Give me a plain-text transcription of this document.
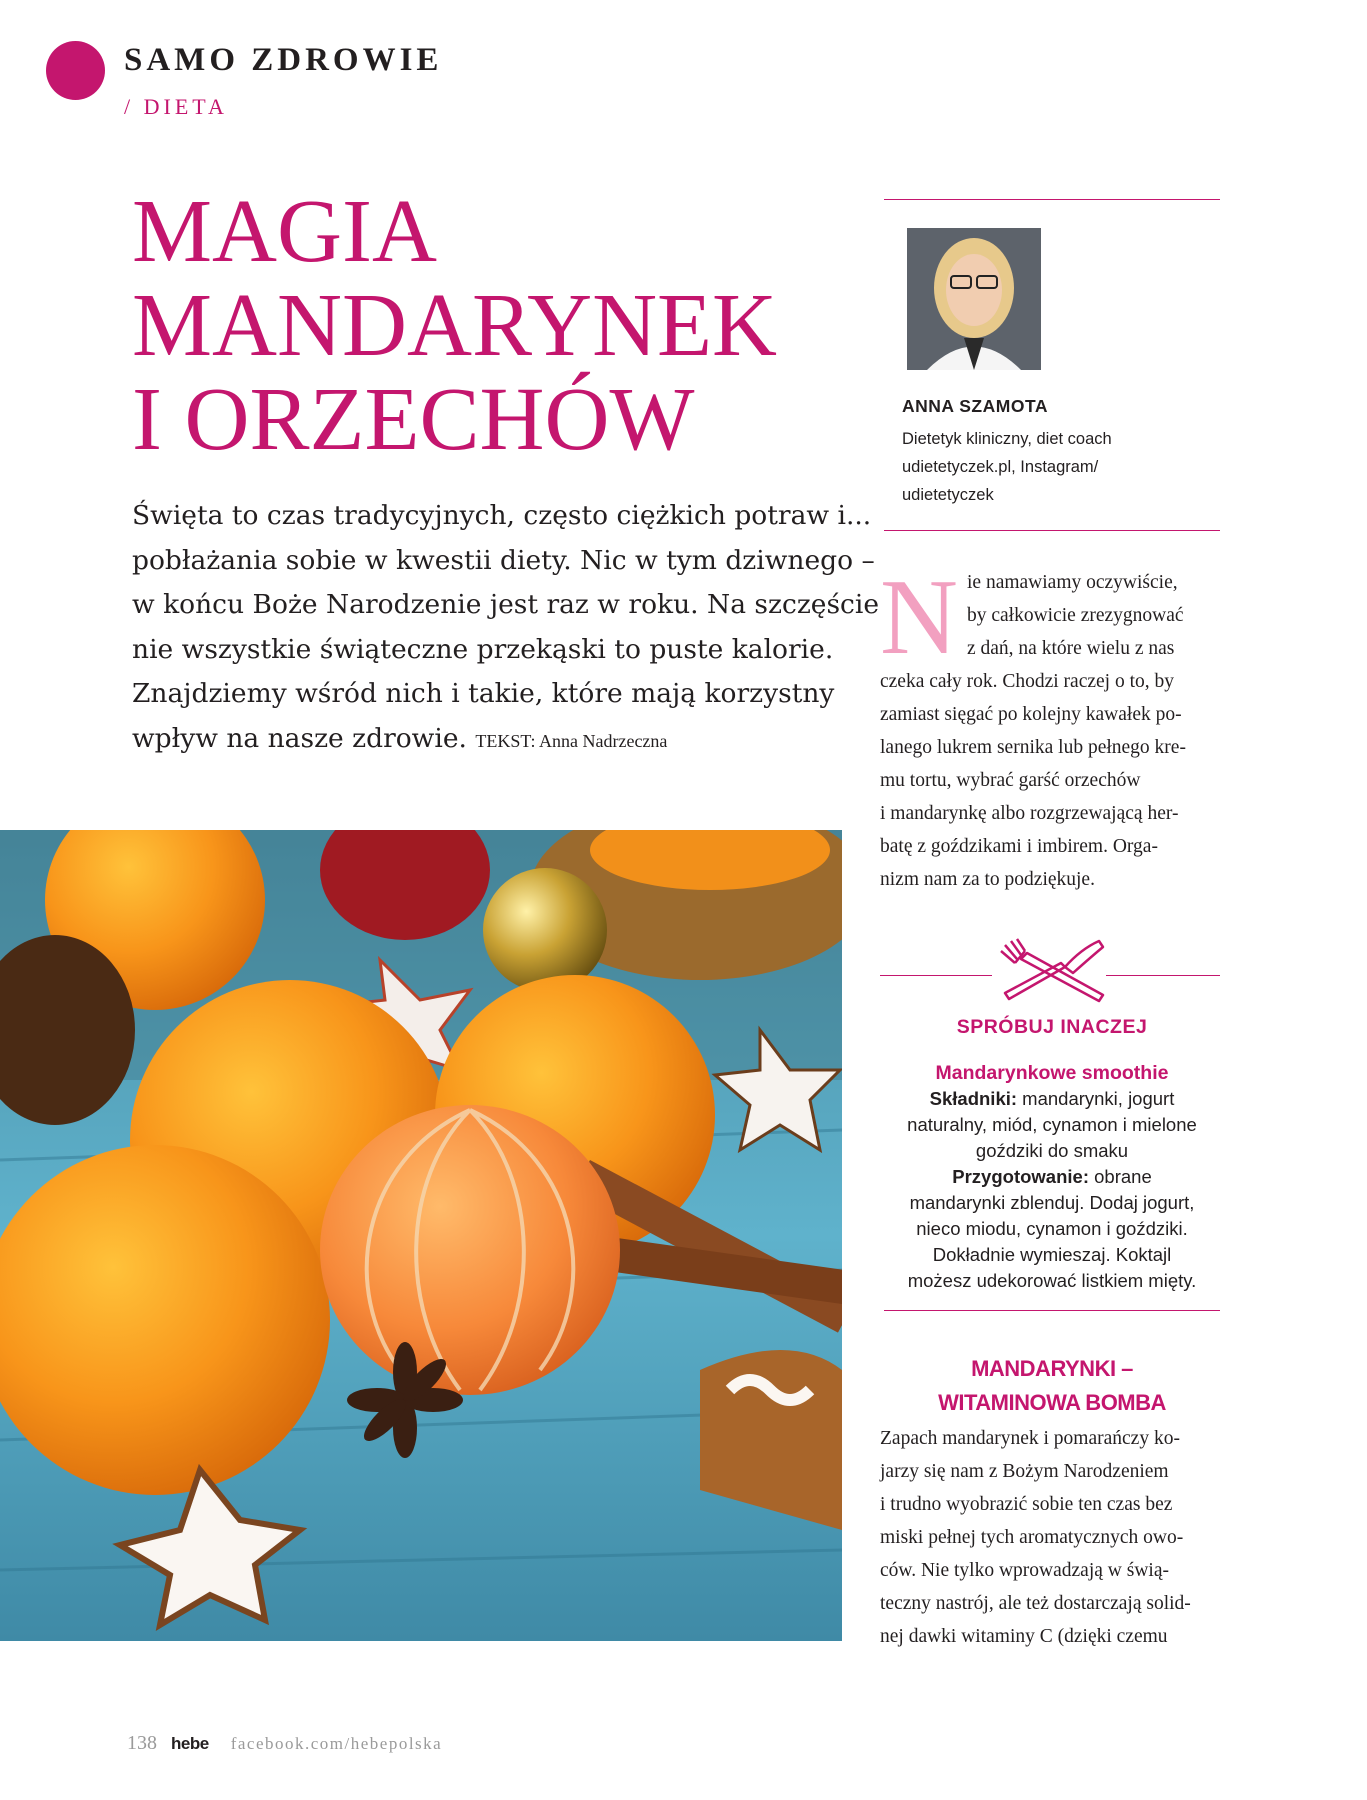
SAMO ZDROWIE
/ DIETA
MAGIA
MANDARYNEK
I ORZECHÓW
Święta to czas tradycyjnych, często ciężkich potraw i...
pobłażania sobie w kwestii diety. Nic w tym dziwnego –
w końcu Boże Narodzenie jest raz w roku. Na szczęście
nie wszystkie świąteczne przekąski to puste kalorie.
Znajdziemy wśród nich i takie, które mają korzystny
wpływ na nasze zdrowie. TEKST: Anna Nadrzeczna
ANNA SZAMOTA
Dietetyk kliniczny, diet coach
udietetyczek.pl, Instagram/
udietetyczek
N ie namawiamy oczywiście,
by całkowicie zrezygnować
z dań, na które wielu z nas
czeka cały rok. Chodzi raczej o to, by
zamiast sięgać po kolejny kawałek po-
lanego lukrem sernika lub pełnego kre-
mu tortu, wybrać garść orzechów
i mandarynkę albo rozgrzewającą her-
batę z goździkami i imbirem. Orga-
nizm nam za to podziękuje.
SPRÓBUJ INACZEJ
Mandarynkowe smoothie
Składniki: mandarynki, jogurt
naturalny, miód, cynamon i mielone
goździki do smaku
Przygotowanie: obrane
mandarynki zblenduj. Dodaj jogurt,
nieco miodu, cynamon i goździki.
Dokładnie wymieszaj. Koktajl
możesz udekorować listkiem mięty.
MANDARYNKI –
WITAMINOWA BOMBA
Zapach mandarynek i pomarańczy ko-
jarzy się nam z Bożym Narodzeniem
i trudno wyobrazić sobie ten czas bez
miski pełnej tych aromatycznych owo-
ców. Nie tylko wprowadzają w świą-
teczny nastrój, ale też dostarczają solid-
nej dawki witaminy C (dzięki czemu
138 hebe facebook.com/hebepolska
